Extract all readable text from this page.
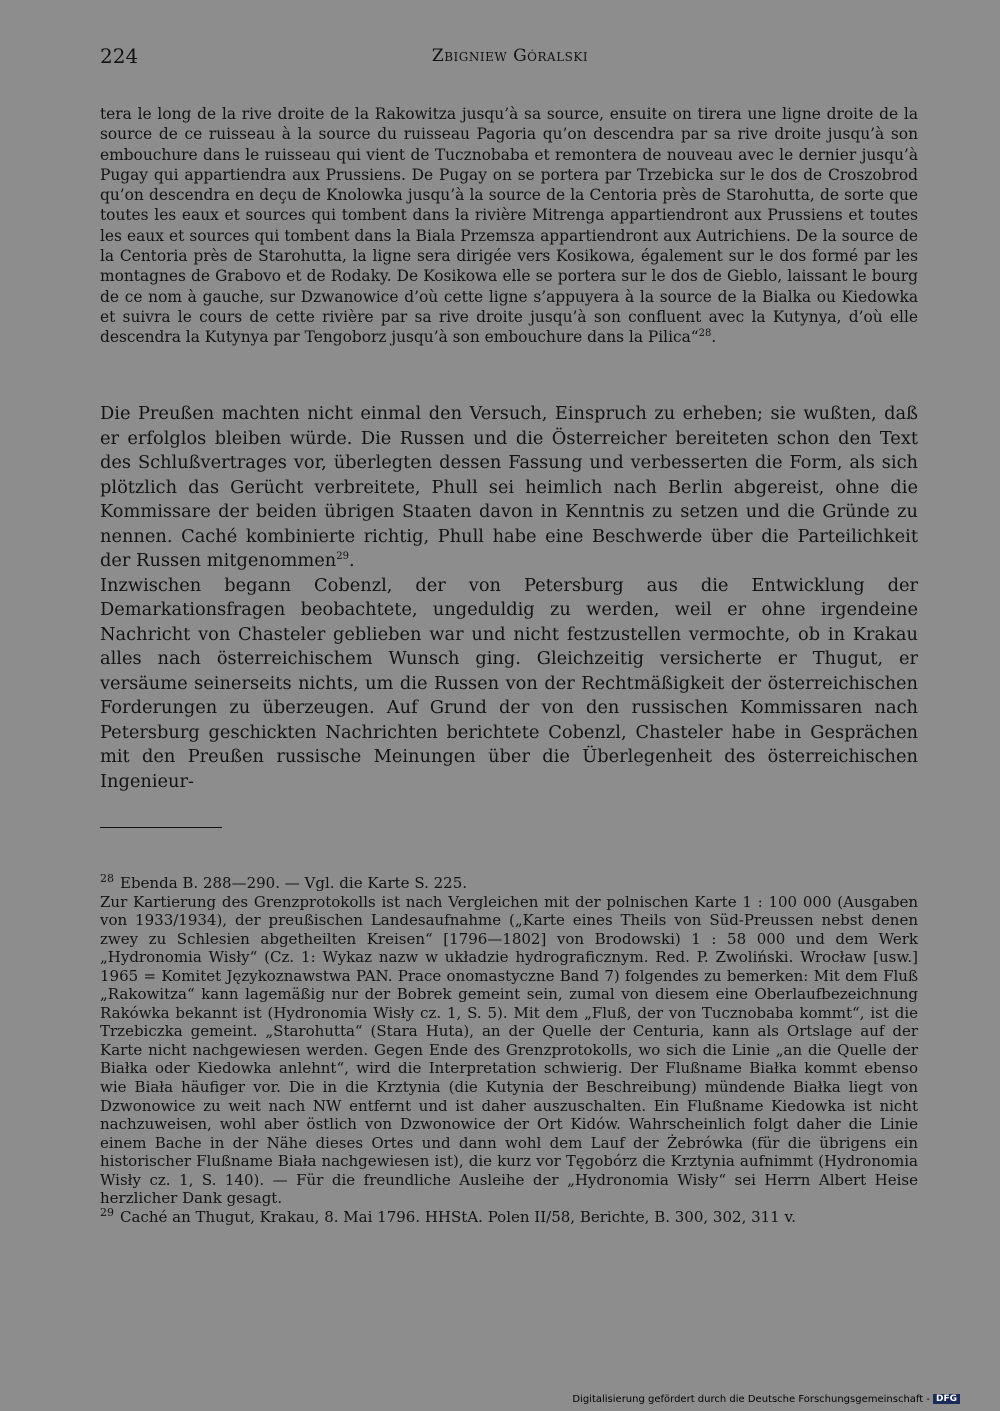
224	Zbigniew Góralski

tera le long de la rive droite de la Rakowitza jusqu’à sa source, ensuite on tirera une ligne droite de la source de ce ruisseau à la source du ruisseau Pagoria qu’on descendra par sa rive droite jusqu’à son embouchure dans le ruisseau qui vient de Tucznobaba et remontera de nouveau avec le dernier jusqu’à Pugay qui appartiendra aux Prussiens. De Pugay on se portera par Trzebicka sur le dos de Croszobrod qu’on descendra en deçu de Knolowka jusqu’à la source de la Centoria près de Starohutta, de sorte que toutes les eaux et sources qui tombent dans la rivière Mitrenga appartiendront aux Prussiens et toutes les eaux et sources qui tombent dans la Biala Przemsza appartiendront aux Autrichiens. De la source de la Centoria près de Starohutta, la ligne sera dirigée vers Kosikowa, également sur le dos formé par les montagnes de Grabovo et de Rodaky. De Kosikowa elle se portera sur le dos de Gieblo, laissant le bourg de ce nom à gauche, sur Dzwanowice d’où cette ligne s’appuyera à la source de la Bialka ou Kiedowka et suivra le cours de cette rivière par sa rive droite jusqu’à son confluent avec la Kutynya, d’où elle descendra la Kutynya par Tengoborz jusqu’à son embouchure dans la Pilica“$^{28}$.

Die Preußen machten nicht einmal den Versuch, Einspruch zu erheben; sie wußten, daß er erfolglos bleiben würde. Die Russen und die Österreicher bereiteten schon den Text des Schlußvertrages vor, überlegten dessen Fassung und verbesserten die Form, als sich plötzlich das Gerücht verbreitete, Phull sei heimlich nach Berlin abgereist, ohne die Kommissare der beiden übrigen Staaten davon in Kenntnis zu setzen und die Gründe zu nennen. Caché kombinierte richtig, Phull habe eine Beschwerde über die Parteilichkeit der Russen mitgenommen$^{29}$.

Inzwischen begann Cobenzl, der von Petersburg aus die Entwicklung der Demarkationsfragen beobachtete, ungeduldig zu werden, weil er ohne irgendeine Nachricht von Chasteler geblieben war und nicht festzustellen vermochte, ob in Krakau alles nach österreichischem Wunsch ging. Gleichzeitig versicherte er Thugut, er versäume seinerseits nichts, um die Russen von der Rechtmäßigkeit der österreichischen Forderungen zu überzeugen. Auf Grund der von den russischen Kommissaren nach Petersburg geschickten Nachrichten berichtete Cobenzl, Chasteler habe in Gesprächen mit den Preußen russische Meinungen über die Überlegenheit des österreichischen Ingenieur-

$^{28}$ Ebenda B. 288—290. — Vgl. die Karte S. 225.

Zur Kartierung des Grenzprotokolls ist nach Vergleichen mit der polnischen Karte 1 : 100 000 (Ausgaben von 1933/1934), der preußischen Landesaufnahme („Karte eines Theils von Süd-Preussen nebst denen zwey zu Schlesien abgetheilten Kreisen“ [1796—1802] von Brodowski) 1 : 58 000 und dem Werk „Hydronomia Wisły“ (Cz. 1: Wykaz nazw w układzie hydrograficznym. Red. P. Zwoliński. Wrocław [usw.] 1965 = Komitet Językoznawstwa PAN. Prace onomastyczne Band 7) folgendes zu bemerken: Mit dem Fluß „Rakowitza“ kann lagemäßig nur der Bobrek gemeint sein, zumal von diesem eine Oberlaufbezeichnung Rakówka bekannt ist (Hydronomia Wisły cz. 1, S. 5). Mit dem „Fluß, der von Tucznobaba kommt“, ist die Trzebiczka gemeint. „Starohutta“ (Stara Huta), an der Quelle der Centuria, kann als Ortslage auf der Karte nicht nachgewiesen werden. Gegen Ende des Grenzprotokolls, wo sich die Linie „an die Quelle der Białka oder Kiedowka anlehnt“, wird die Interpretation schwierig. Der Flußname Białka kommt ebenso wie Biała häufiger vor. Die in die Krztynia (die Kutynia der Beschreibung) mündende Białka liegt von Dzwonowice zu weit nach NW entfernt und ist daher auszuschalten. Ein Flußname Kiedowka ist nicht nachzuweisen, wohl aber östlich von Dzwonowice der Ort Kidów. Wahrscheinlich folgt daher die Linie einem Bache in der Nähe dieses Ortes und dann wohl dem Lauf der Żebrówka (für die übrigens ein historischer Flußname Biała nachgewiesen ist), die kurz vor Tęgobórz die Krztynia aufnimmt (Hydronomia Wisły cz. 1, S. 140). — Für die freundliche Ausleihe der „Hydronomia Wisły“ sei Herrn Albert Heise herzlicher Dank gesagt.

$^{29}$ Caché an Thugut, Krakau, 8. Mai 1796. HHStA. Polen II/58, Berichte, B. 300, 302, 311 v.

Digitalisierung gefördert durch die Deutsche Forschungsgemeinschaft - DFG
